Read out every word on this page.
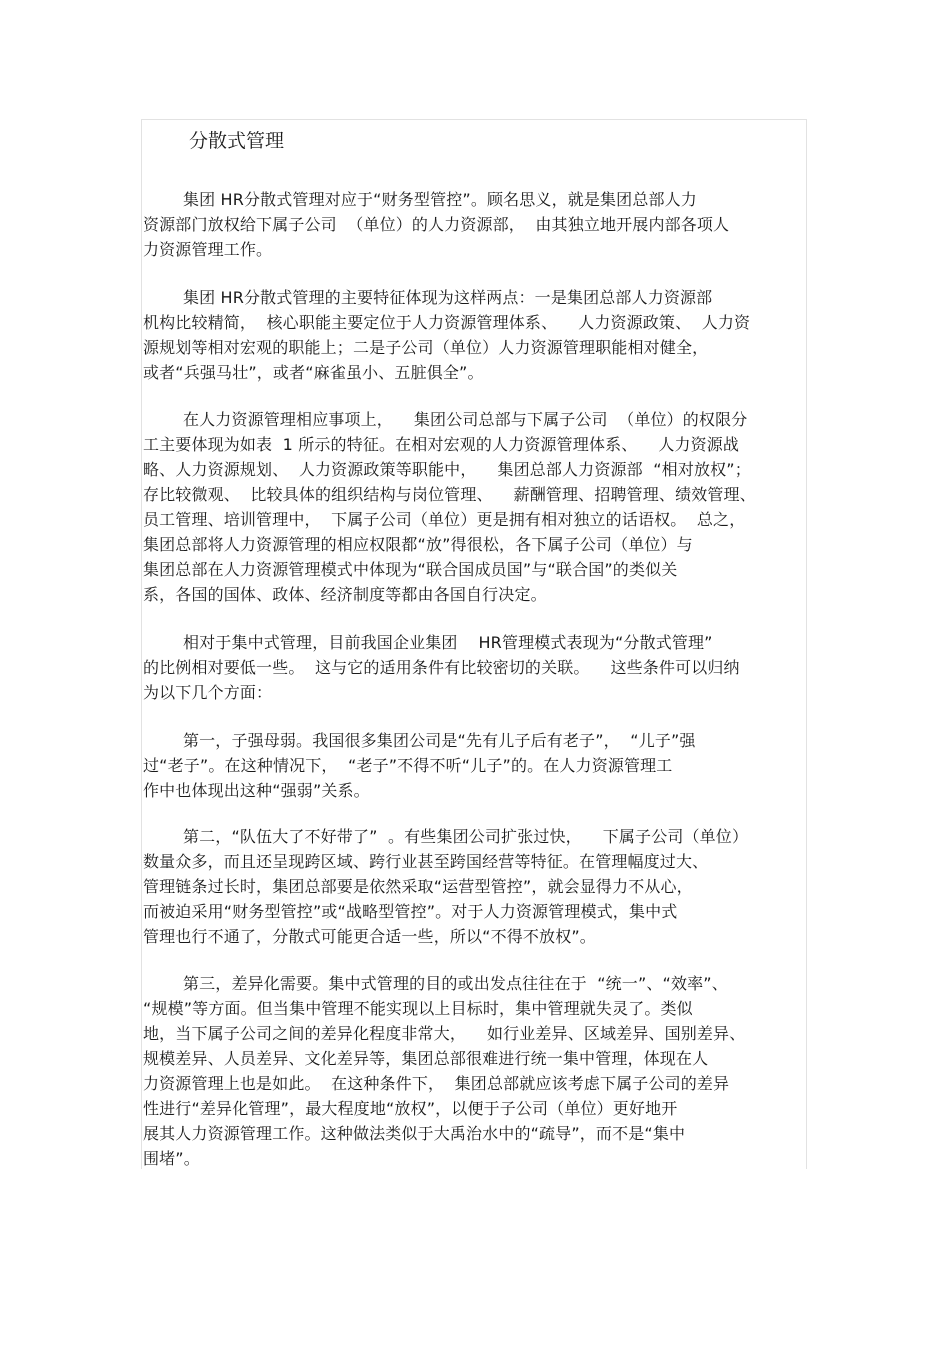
分散式管理
集团 HR分散式管理对应于“财务型管控”。顾名思义，就是集团总部人力
资源部门放权给下属子公司  （单位）的人力资源部，  由其独立地开展内部各项人
力资源管理工作。
集团 HR分散式管理的主要特征体现为这样两点：一是集团总部人力资源部
机构比较精简，  核心职能主要定位于人力资源管理体系、    人力资源政策、  人力资
源规划等相对宏观的职能上；二是子公司（单位）人力资源管理职能相对健全，
或者“兵强马壮”，或者“麻雀虽小、五脏俱全”。
在人力资源管理相应事项上，    集团公司总部与下属子公司  （单位）的权限分
工主要体现为如表  1 所示的特征。在相对宏观的人力资源管理体系、    人力资源战
略、人力资源规划、  人力资源政策等职能中，    集团总部人力资源部  “相对放权”；
存比较微观、  比较具体的组织结构与岗位管理、    薪酬管理、招聘管理、绩效管理、
员工管理、培训管理中，  下属子公司（单位）更是拥有相对独立的话语权。  总之，
集团总部将人力资源管理的相应权限都“放”得很松，各下属子公司（单位）与
集团总部在人力资源管理模式中体现为“联合国成员国”与“联合国”的类似关
系，各国的国体、政体、经济制度等都由各国自行决定。
相对于集中式管理，目前我国企业集团    HR管理模式表现为“分散式管理”
的比例相对要低一些。  这与它的适用条件有比较密切的关联。    这些条件可以归纳
为以下几个方面：
第一，子强母弱。我国很多集团公司是“先有儿子后有老子”，  “儿子”强
过“老子”。在这种情况下，  “老子”不得不听“儿子”的。在人力资源管理工
作中也体现出这种“强弱”关系。
第二，“队伍大了不好带了”  。有些集团公司扩张过快，    下属子公司（单位）
数量众多，而且还呈现跨区域、跨行业甚至跨国经营等特征。在管理幅度过大、
管理链条过长时，集团总部要是依然采取“运营型管控”，就会显得力不从心，
而被迫采用“财务型管控”或“战略型管控”。对于人力资源管理模式，集中式
管理也行不通了，分散式可能更合适一些，所以“不得不放权”。
第三，差异化需要。集中式管理的目的或出发点往往在于  “统一”、“效率”、
“规模”等方面。但当集中管理不能实现以上目标时，集中管理就失灵了。类似
地，当下属子公司之间的差异化程度非常大，    如行业差异、区域差异、国别差异、
规模差异、人员差异、文化差异等，集团总部很难进行统一集中管理，体现在人
力资源管理上也是如此。  在这种条件下，  集团总部就应该考虑下属子公司的差异
性进行“差异化管理”，最大程度地“放权”，以便于子公司（单位）更好地开
展其人力资源管理工作。这种做法类似于大禹治水中的“疏导”，而不是“集中
围堵”。
